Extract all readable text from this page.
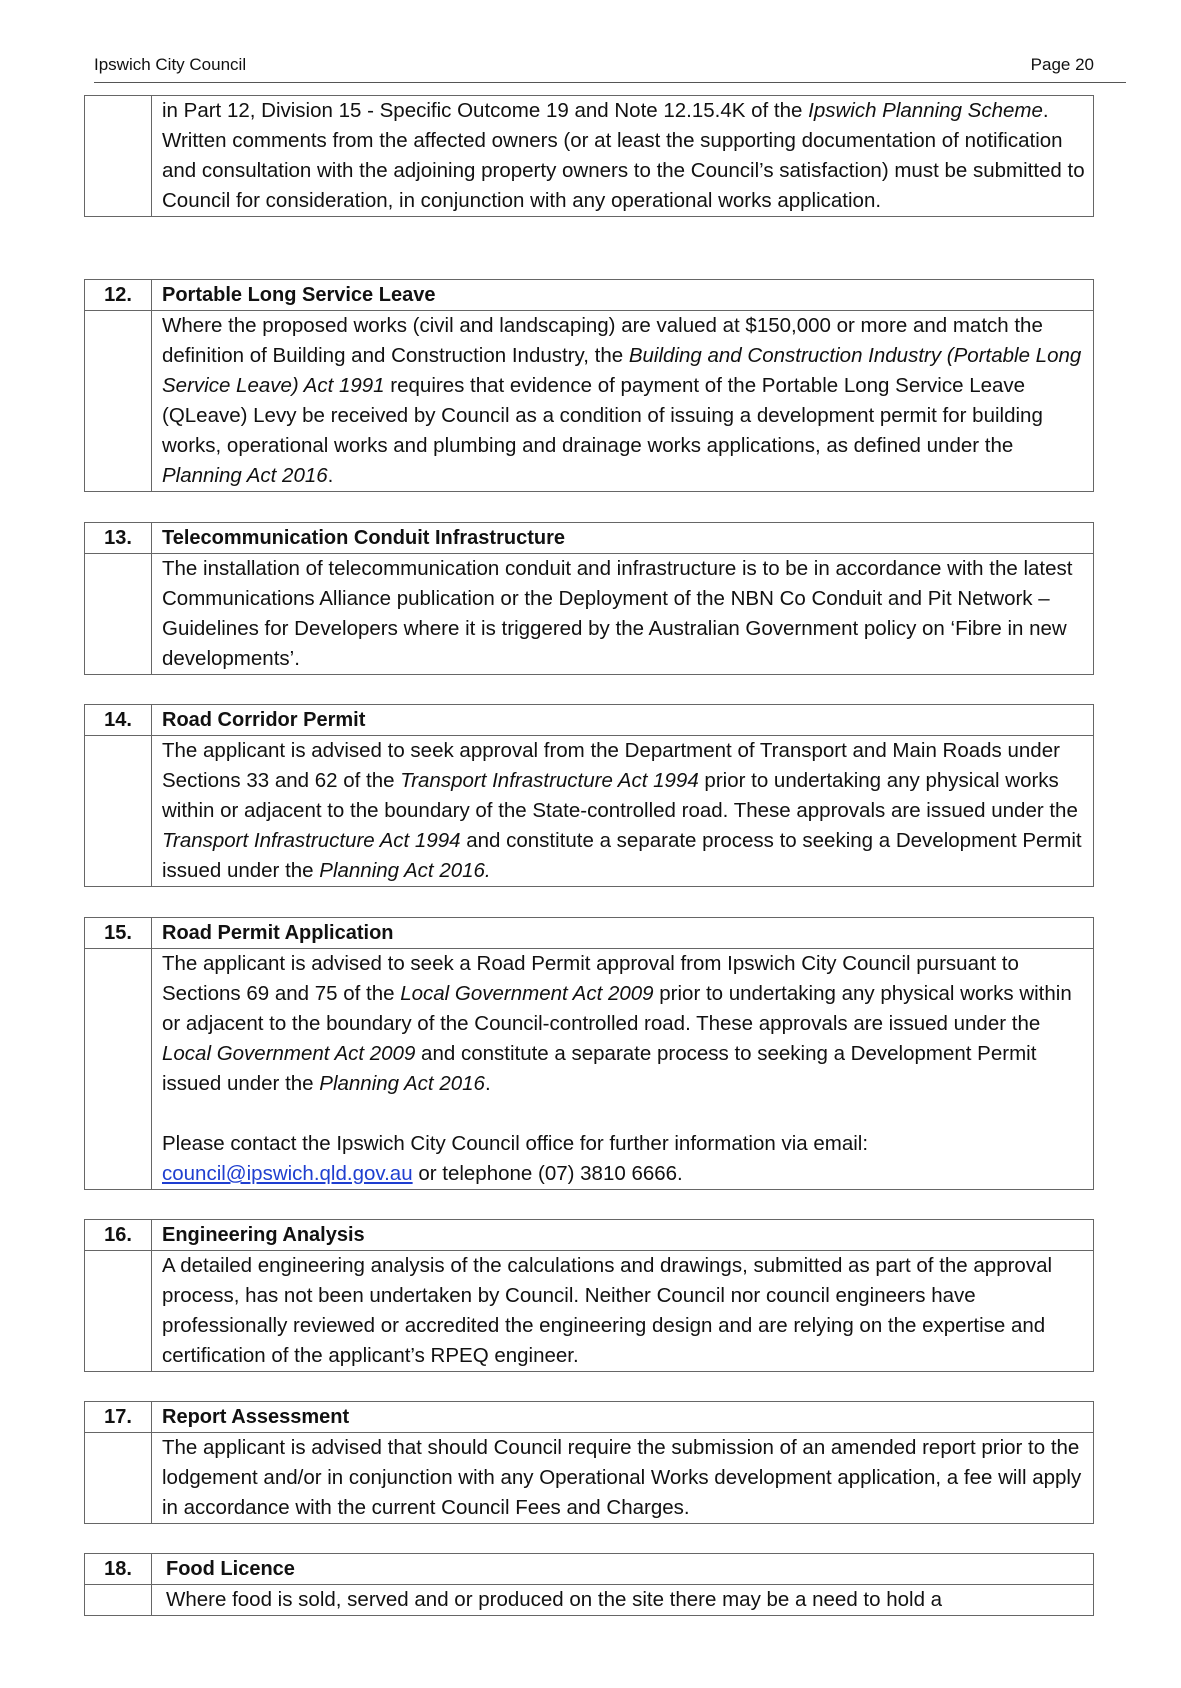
Ipswich City Council	Page 20
	in Part 12, Division 15 - Specific Outcome 19 and Note 12.15.4K of the Ipswich Planning Scheme. Written comments from the affected owners (or at least the supporting documentation of notification and consultation with the adjoining property owners to the Council’s satisfaction) must be submitted to Council for consideration, in conjunction with any operational works application.
12.	Portable Long Service Leave
	Where the proposed works (civil and landscaping) are valued at $150,000 or more and match the definition of Building and Construction Industry, the Building and Construction Industry (Portable Long Service Leave) Act 1991 requires that evidence of payment of the Portable Long Service Leave (QLeave) Levy be received by Council as a condition of issuing a development permit for building works, operational works and plumbing and drainage works applications, as defined under the Planning Act 2016.
13.	Telecommunication Conduit Infrastructure
	The installation of telecommunication conduit and infrastructure is to be in accordance with the latest Communications Alliance publication or the Deployment of the NBN Co Conduit and Pit Network – Guidelines for Developers where it is triggered by the Australian Government policy on ‘Fibre in new developments’.
14.	Road Corridor Permit
	The applicant is advised to seek approval from the Department of Transport and Main Roads under Sections 33 and 62 of the Transport Infrastructure Act 1994 prior to undertaking any physical works within or adjacent to the boundary of the State-controlled road. These approvals are issued under the Transport Infrastructure Act 1994 and constitute a separate process to seeking a Development Permit issued under the Planning Act 2016.
15.	Road Permit Application
	The applicant is advised to seek a Road Permit approval from Ipswich City Council pursuant to Sections 69 and 75 of the Local Government Act 2009 prior to undertaking any physical works within or adjacent to the boundary of the Council-controlled road. These approvals are issued under the Local Government Act 2009 and constitute a separate process to seeking a Development Permit issued under the Planning Act 2016.
Please contact the Ipswich City Council office for further information via email: council@ipswich.qld.gov.au or telephone (07) 3810 6666.
16.	Engineering Analysis
	A detailed engineering analysis of the calculations and drawings, submitted as part of the approval process, has not been undertaken by Council. Neither Council nor council engineers have professionally reviewed or accredited the engineering design and are relying on the expertise and certification of the applicant’s RPEQ engineer.
17.	Report Assessment
	The applicant is advised that should Council require the submission of an amended report prior to the lodgement and/or in conjunction with any Operational Works development application, a fee will apply in accordance with the current Council Fees and Charges.
18.	Food Licence
	Where food is sold, served and or produced on the site there may be a need to hold a
